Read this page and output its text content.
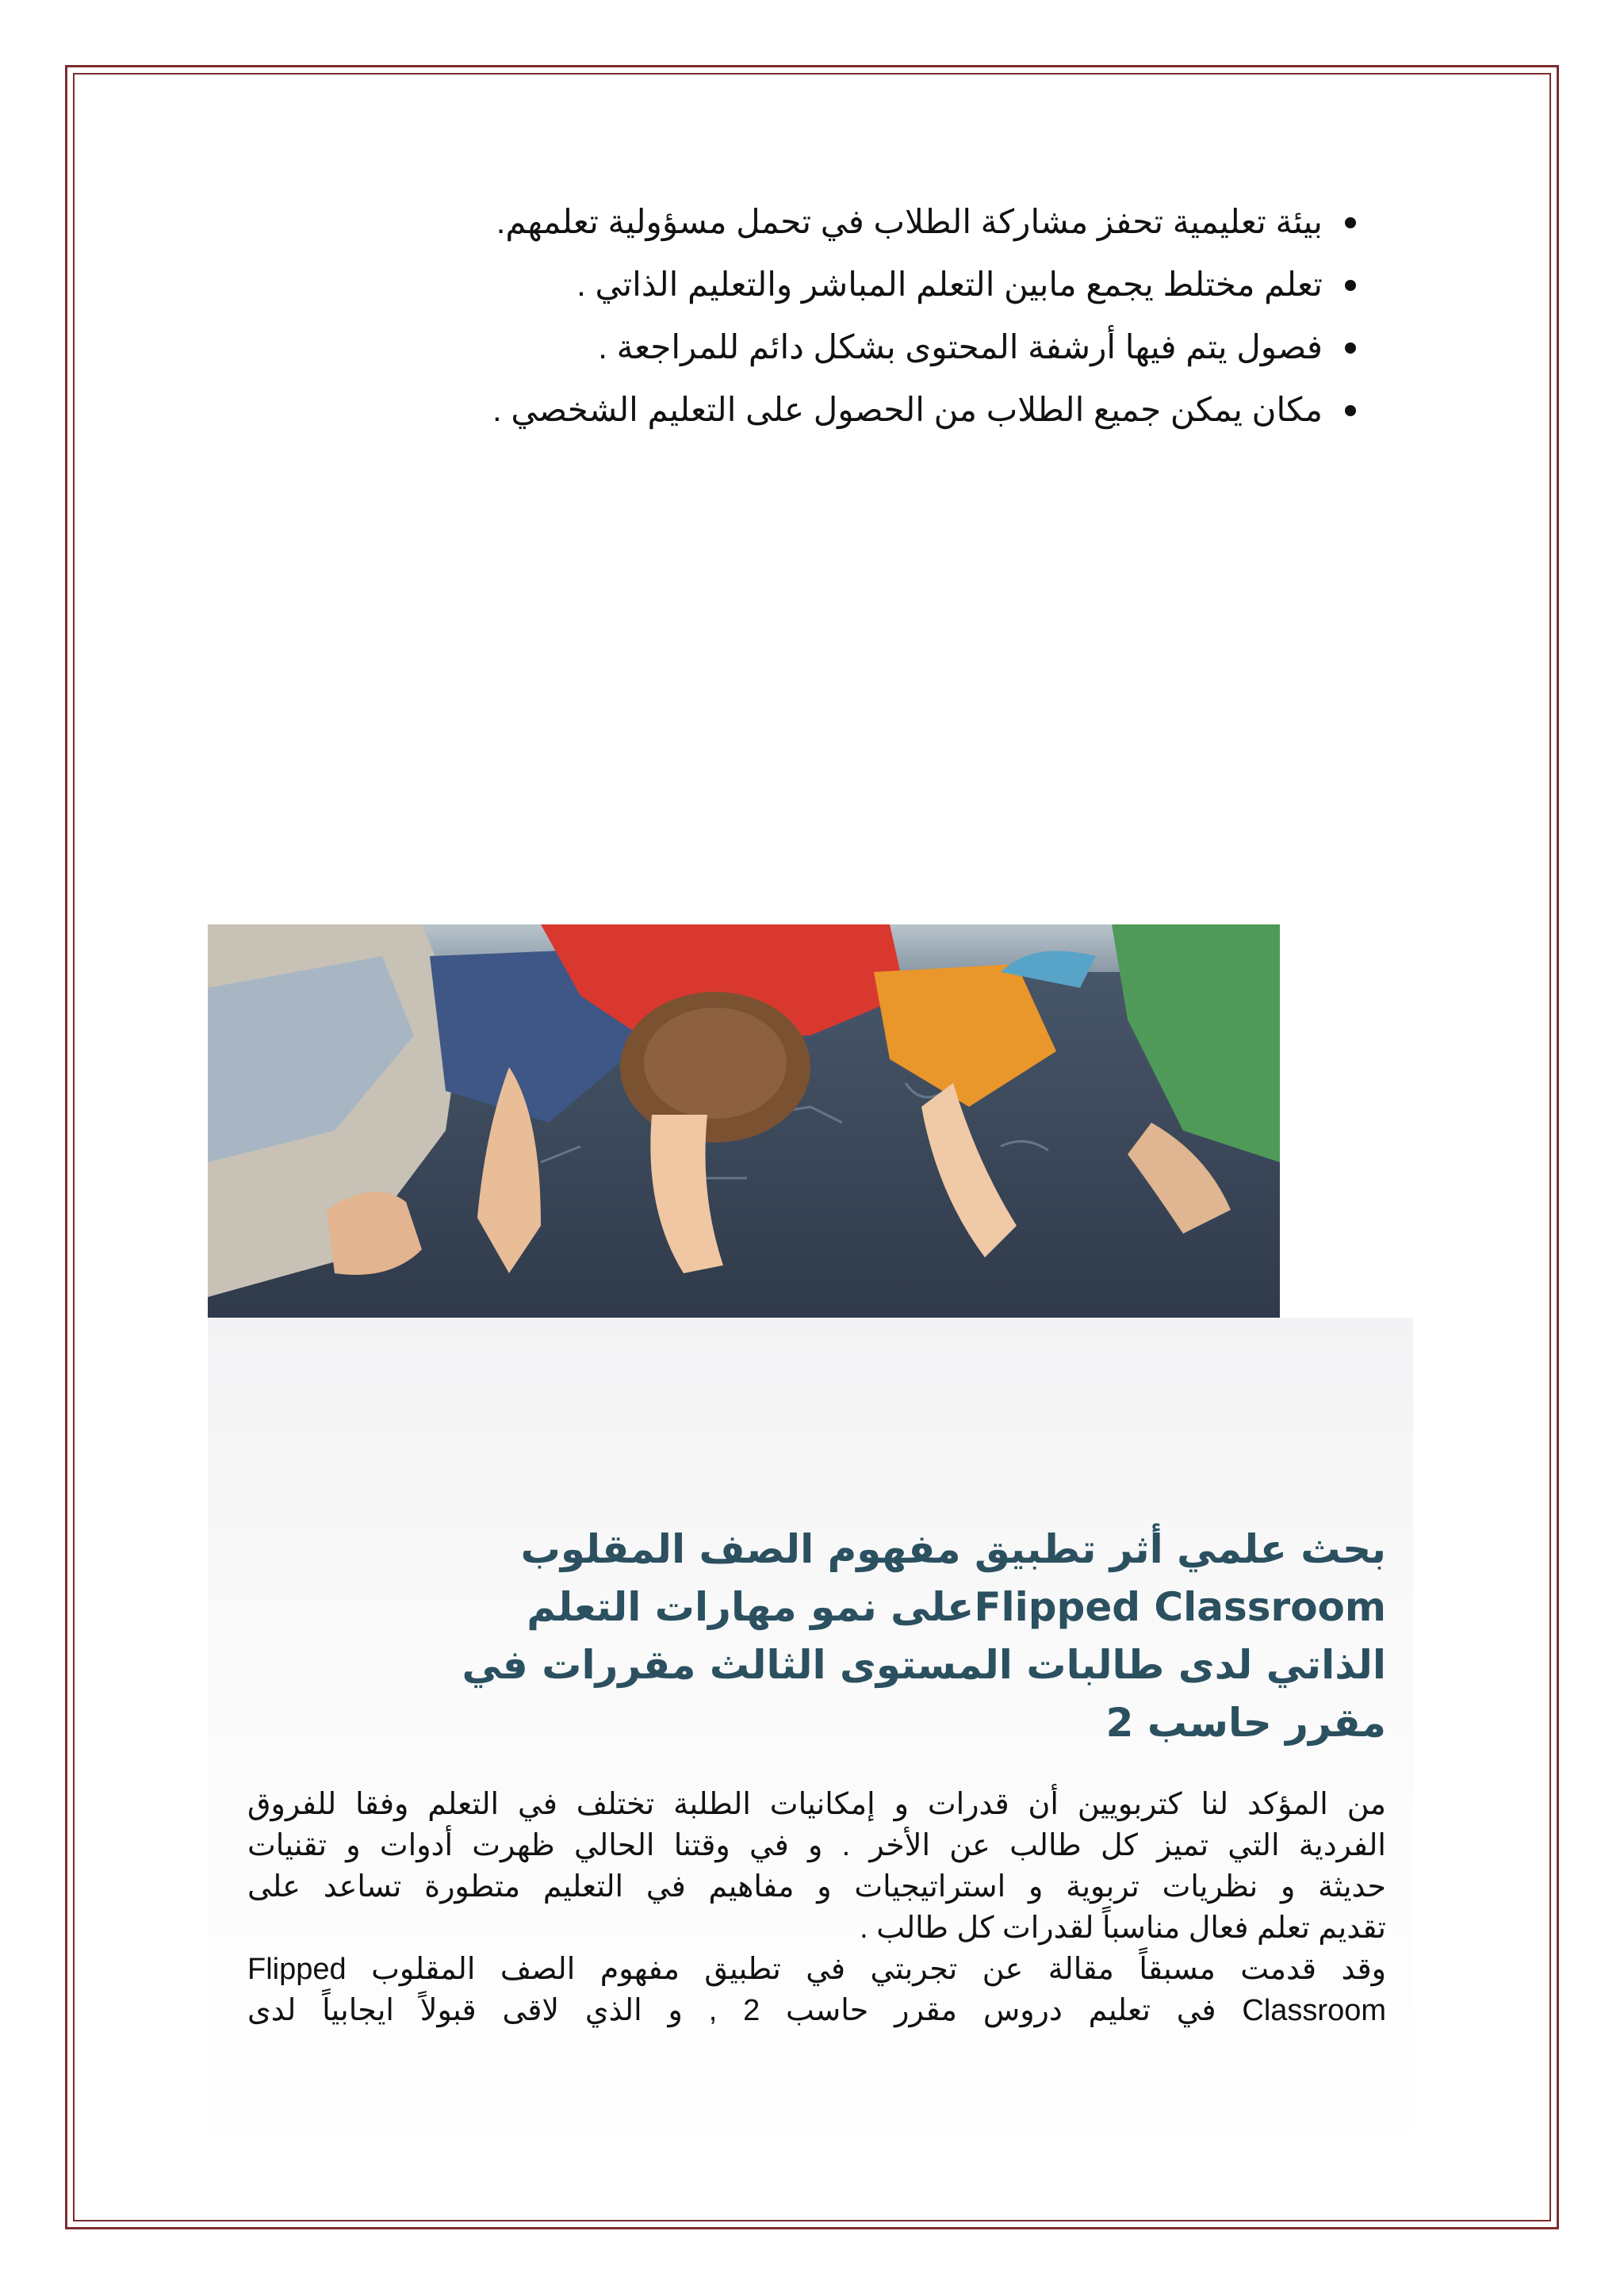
بيئة تعليمية تحفز مشاركة الطلاب في تحمل مسؤولية تعلمهم.
تعلم مختلط يجمع مابين التعلم المباشر والتعليم الذاتي .
فصول يتم فيها أرشفة المحتوى بشكل دائم للمراجعة .
مكان يمكن جميع الطلاب من الحصول على التعليم الشخصي .
بحث علمي أثر تطبيق مفهوم الصف المقلوب
Flipped Classroomعلى نمو مهارات التعلم
الذاتي لدى طالبات المستوى الثالث مقررات في
مقرر حاسب 2

من المؤكد لنا كتربويين أن قدرات و إمكانيات الطلبة تختلف في التعلم وفقا للفروق
الفردية التي تميز كل طالب عن الأخر . و في وقتنا الحالي ظهرت أدوات و تقنيات
حديثة و نظريات تربوية و استراتيجيات و مفاهيم في التعليم متطورة تساعد على
تقديم تعلم فعال مناسباً لقدرات كل طالب .

وقد قدمت مسبقاً مقالة عن تجربتي في تطبيق مفهوم الصف المقلوب Flipped
Classroom في تعليم دروس مقرر حاسب 2 , و الذي لاقى قبولاً ايجابياً لدى
